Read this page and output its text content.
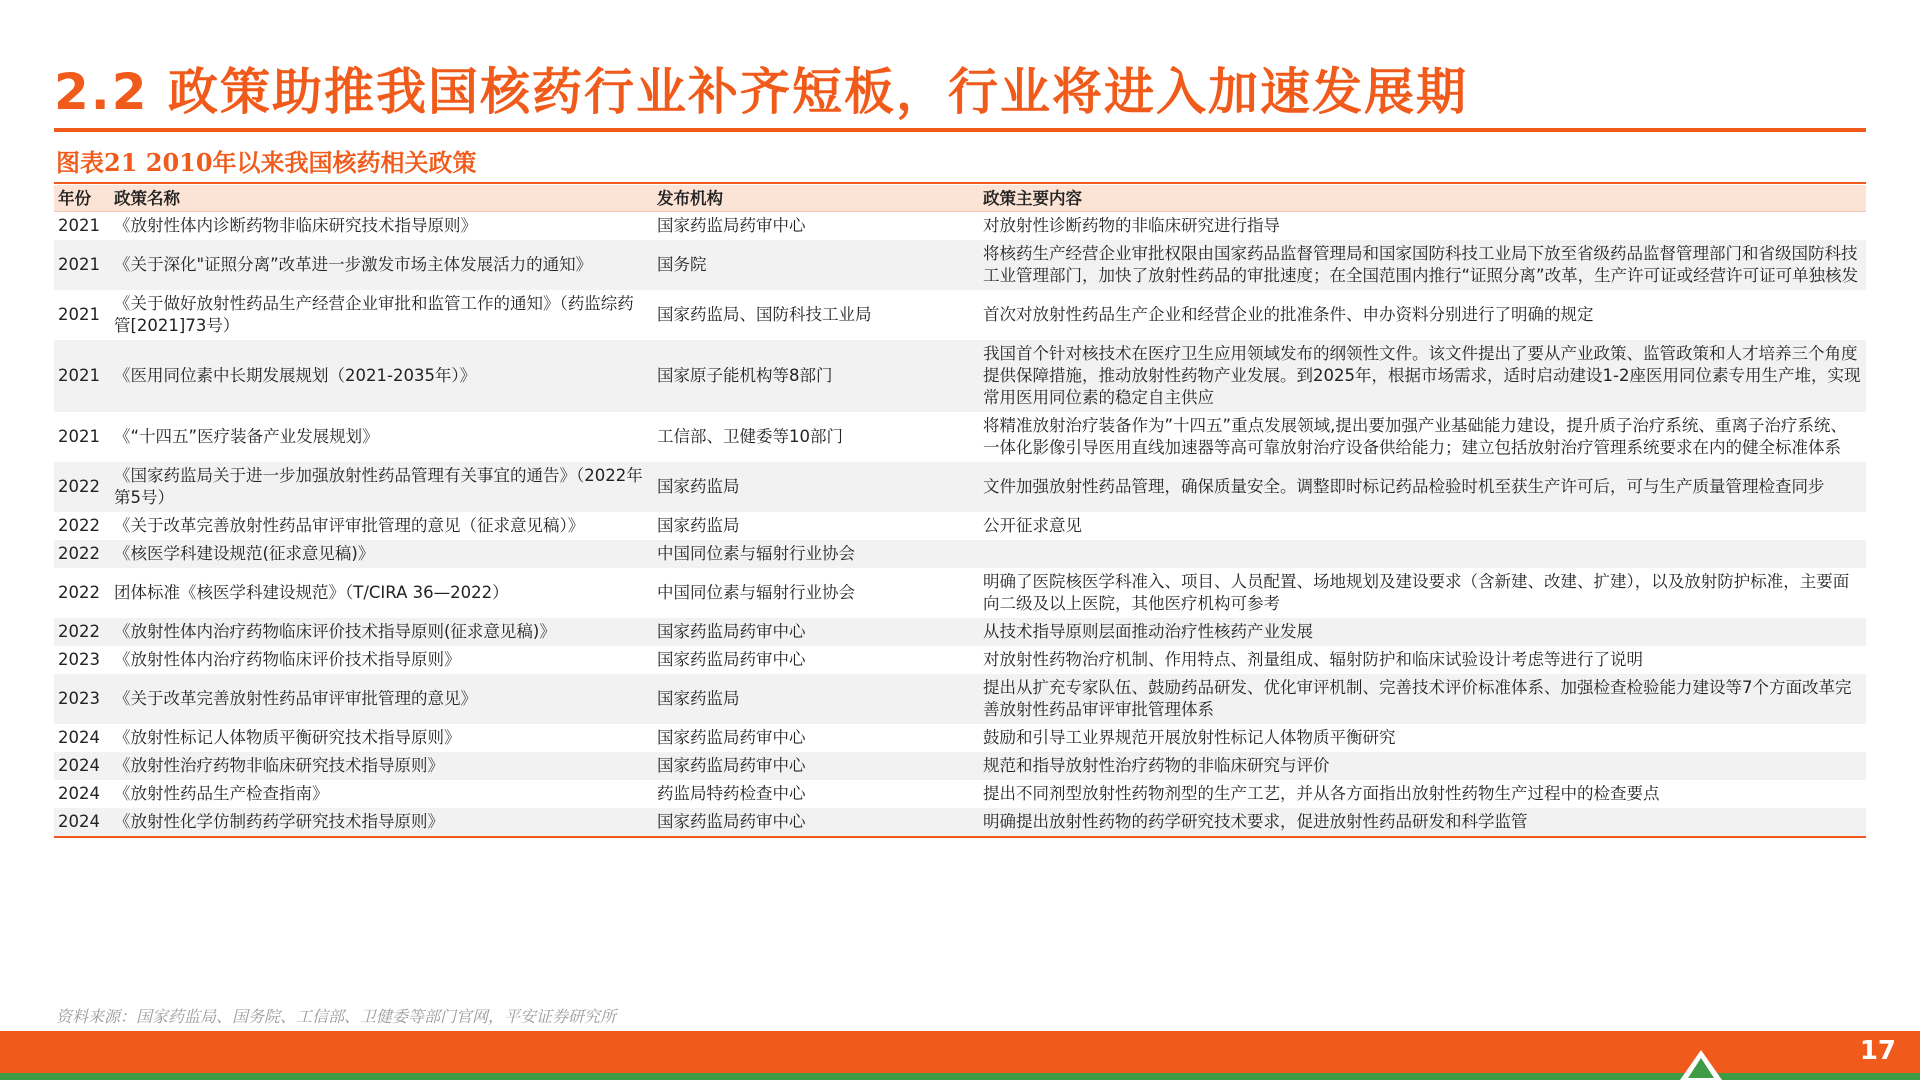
2.2 政策助推我国核药行业补齐短板，行业将进入加速发展期
图表21 2010年以来我国核药相关政策
年份	政策名称	发布机构	政策主要内容
2021	《放射性体内诊断药物非临床研究技术指导原则》	国家药监局药审中心	对放射性诊断药物的非临床研究进行指导
2021	《关于深化"证照分离”改革进一步激发市场主体发展活力的通知》	国务院	将核药生产经营企业审批权限由国家药品监督管理局和国家国防科技工业局下放至省级药品监督管理部门和省级国防科技工业管理部门，加快了放射性药品的审批速度；在全国范围内推行“证照分离”改革，生产许可证或经营许可证可单独核发
2021	《关于做好放射性药品生产经营企业审批和监管工作的通知》（药监综药管[2021]73号）	国家药监局、国防科技工业局	首次对放射性药品生产企业和经营企业的批准条件、申办资料分别进行了明确的规定
2021	《医用同位素中长期发展规划（2021-2035年）》	国家原子能机构等8部门	我国首个针对核技术在医疗卫生应用领域发布的纲领性文件。该文件提出了要从产业政策、监管政策和人才培养三个角度提供保障措施，推动放射性药物产业发展。到2025年，根据市场需求，适时启动建设1-2座医用同位素专用生产堆，实现常用医用同位素的稳定自主供应
2021	《“十四五”医疗装备产业发展规划》	工信部、卫健委等10部门	将精准放射治疗装备作为”十四五”重点发展领域,提出要加强产业基础能力建设，提升质子治疗系统、重离子治疗系统、一体化影像引导医用直线加速器等高可靠放射治疗设备供给能力；建立包括放射治疗管理系统要求在内的健全标准体系
2022	《国家药监局关于进一步加强放射性药品管理有关事宜的通告》（2022年 第5号）	国家药监局	文件加强放射性药品管理，确保质量安全。调整即时标记药品检验时机至获生产许可后，可与生产质量管理检查同步
2022	《关于改革完善放射性药品审评审批管理的意见（征求意见稿）》	国家药监局	公开征求意见
2022	《核医学科建设规范(征求意见稿)》	中国同位素与辐射行业协会	
2022	团体标准《核医学科建设规范》（T/CIRA 36—2022）	中国同位素与辐射行业协会	明确了医院核医学科准入、项目、人员配置、场地规划及建设要求（含新建、改建、扩建），以及放射防护标准，主要面向二级及以上医院，其他医疗机构可参考
2022	《放射性体内治疗药物临床评价技术指导原则(征求意见稿)》	国家药监局药审中心	从技术指导原则层面推动治疗性核药产业发展
2023	《放射性体内治疗药物临床评价技术指导原则》	国家药监局药审中心	对放射性药物治疗机制、作用特点、剂量组成、辐射防护和临床试验设计考虑等进行了说明
2023	《关于改革完善放射性药品审评审批管理的意见》	国家药监局	提出从扩充专家队伍、鼓励药品研发、优化审评机制、完善技术评价标准体系、加强检查检验能力建设等7个方面改革完善放射性药品审评审批管理体系
2024	《放射性标记人体物质平衡研究技术指导原则》	国家药监局药审中心	鼓励和引导工业界规范开展放射性标记人体物质平衡研究
2024	《放射性治疗药物非临床研究技术指导原则》	国家药监局药审中心	规范和指导放射性治疗药物的非临床研究与评价
2024	《放射性药品生产检查指南》	药监局特药检查中心	提出不同剂型放射性药物剂型的生产工艺，并从各方面指出放射性药物生产过程中的检查要点
2024	《放射性化学仿制药药学研究技术指导原则》	国家药监局药审中心	明确提出放射性药物的药学研究技术要求，促进放射性药品研发和科学监管
资料来源：国家药监局、国务院、工信部、卫健委等部门官网，平安证券研究所
17
